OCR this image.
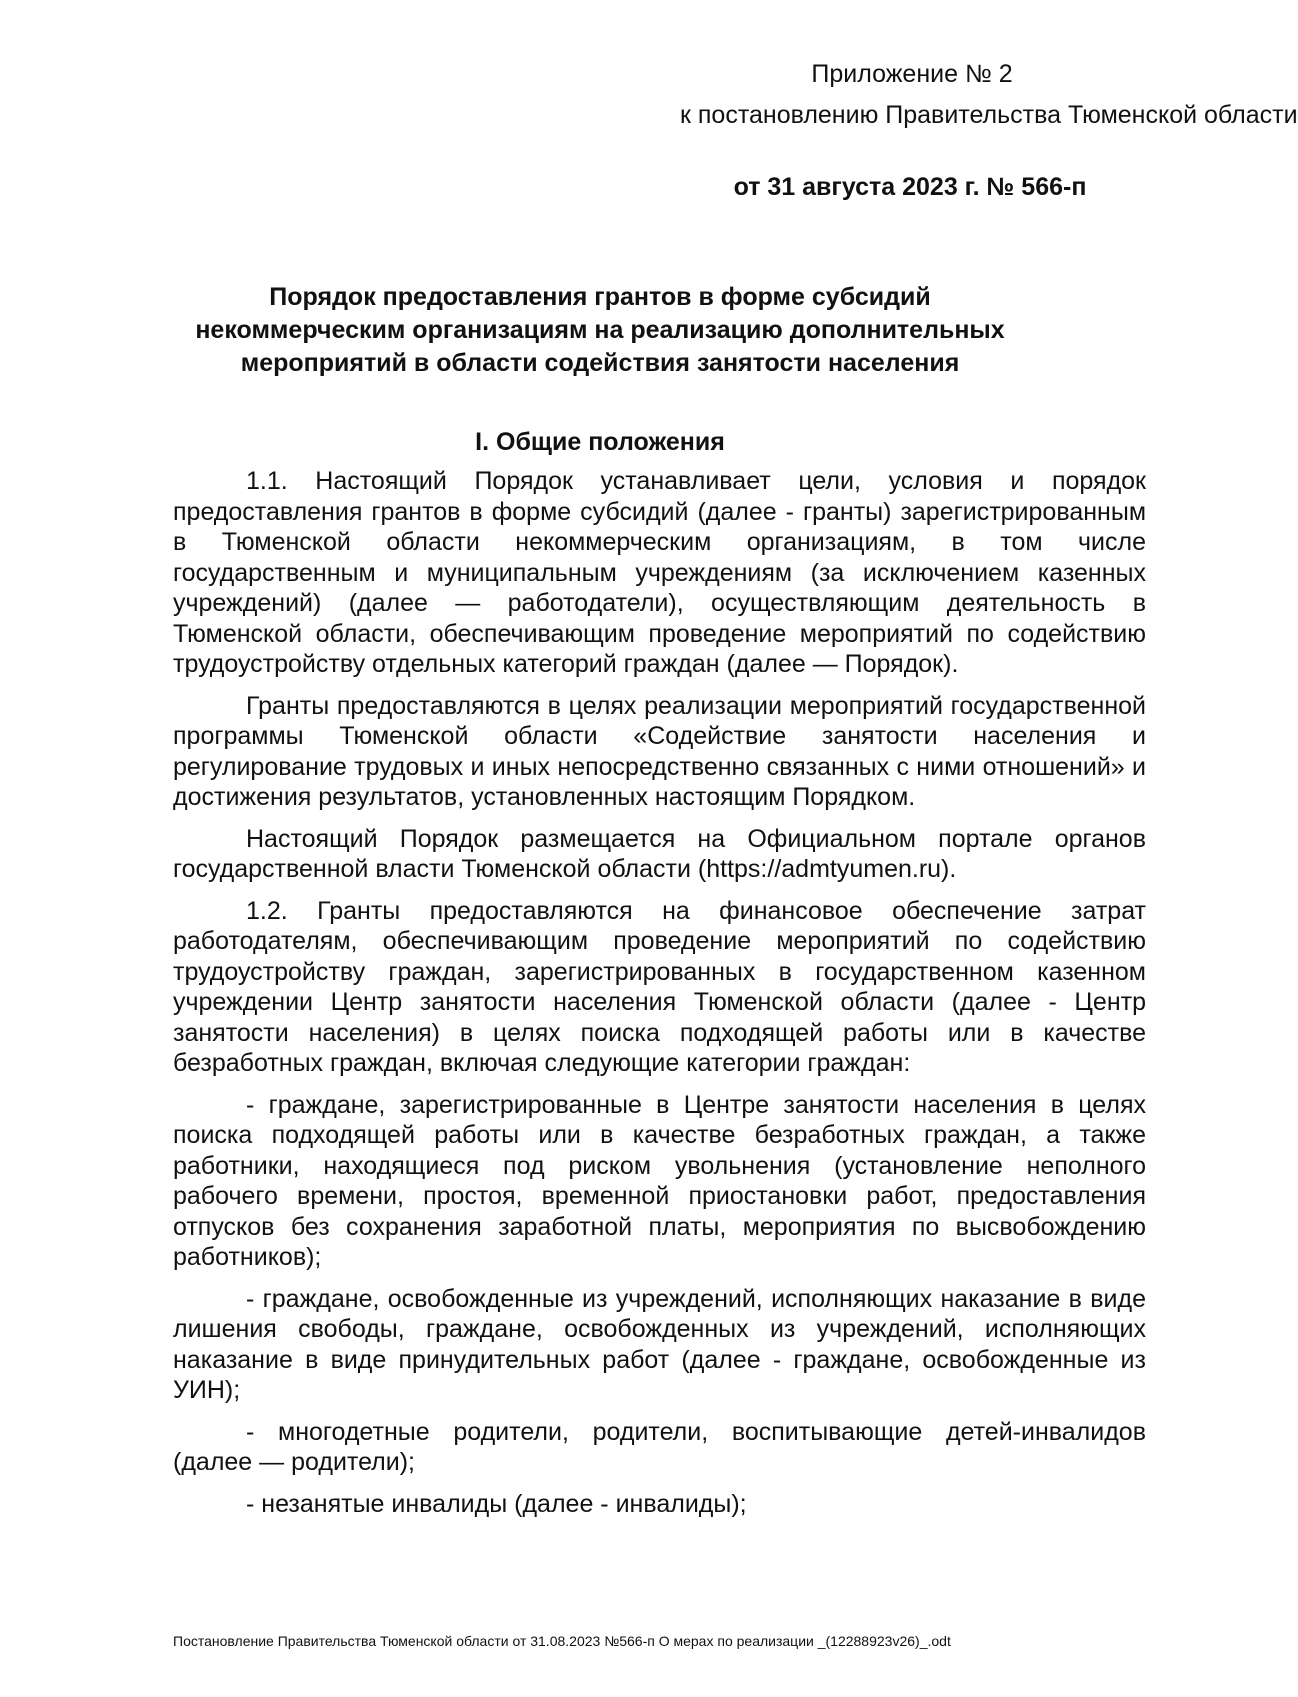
Приложение № 2
к постановлению Правительства Тюменской области
от 31 августа 2023 г. № 566-п
Порядок предоставления грантов в форме субсидий
некоммерческим организациям на реализацию дополнительных
мероприятий в области содействия занятости населения
I. Общие положения

1.1. Настоящий Порядок устанавливает цели, условия и порядок предоставления грантов в форме субсидий (далее - гранты) зарегистрированным в Тюменской области некоммерческим организациям, в том числе государственным и муниципальным учреждениям (за исключением казенных учреждений) (далее — работодатели), осуществляющим деятельность в Тюменской области, обеспечивающим проведение мероприятий по содействию трудоустройству отдельных категорий граждан (далее — Порядок).

Гранты предоставляются в целях реализации мероприятий государственной программы Тюменской области «Содействие занятости населения и регулирование трудовых и иных непосредственно связанных с ними отношений» и достижения результатов, установленных настоящим Порядком.

Настоящий Порядок размещается на Официальном портале органов государственной власти Тюменской области (https://admtyumen.ru).

1.2. Гранты предоставляются на финансовое обеспечение затрат работодателям, обеспечивающим проведение мероприятий по содействию трудоустройству граждан, зарегистрированных в государственном казенном учреждении Центр занятости населения Тюменской области (далее - Центр занятости населения) в целях поиска подходящей работы или в качестве безработных граждан, включая следующие категории граждан:

- граждане, зарегистрированные в Центре занятости населения в целях поиска подходящей работы или в качестве безработных граждан, а также работники, находящиеся под риском увольнения (установление неполного рабочего времени, простоя, временной приостановки работ, предоставления отпусков без сохранения заработной платы, мероприятия по высвобождению работников);

- граждане, освобожденные из учреждений, исполняющих наказание в виде лишения свободы, граждане, освобожденных из учреждений, исполняющих наказание в виде принудительных работ (далее - граждане, освобожденные из УИН);

- многодетные родители, родители, воспитывающие детей-инвалидов (далее — родители);

- незанятые инвалиды (далее - инвалиды);

Постановление Правительства Тюменской области от 31.08.2023 №566-п О мерах по реализации _(12288923v26)_.odt
